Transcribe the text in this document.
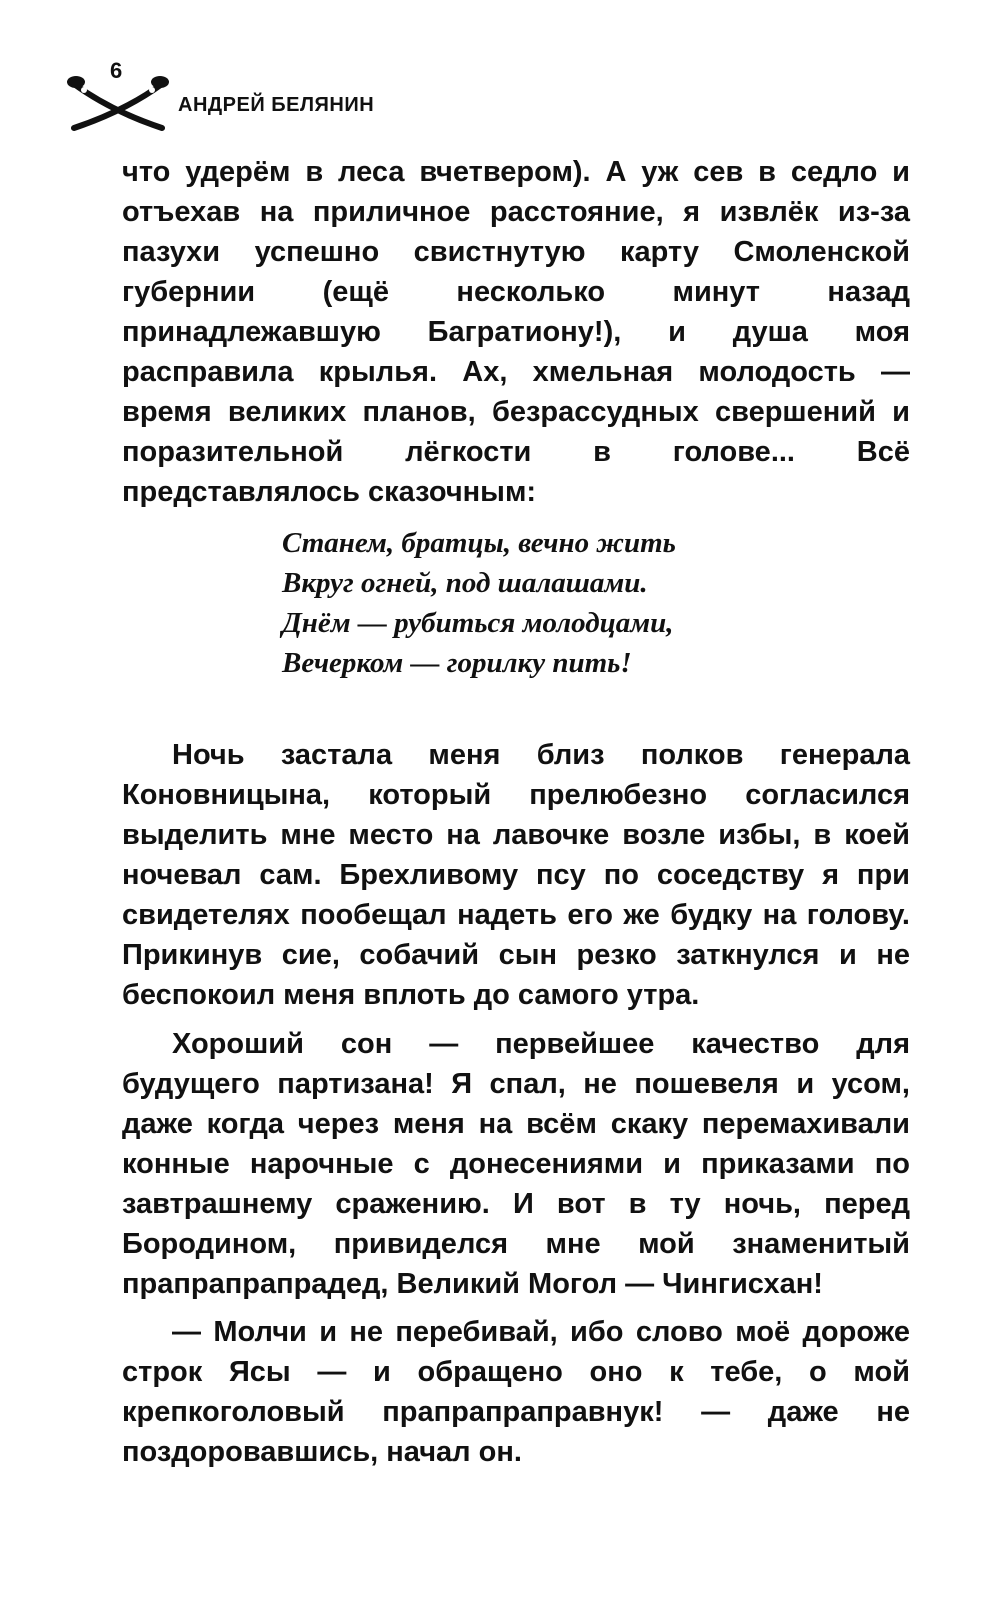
6
АНДРЕЙ БЕЛЯНИН
что удерём в леса вчетвером). А уж сев в седло и отъехав на приличное расстояние, я извлёк из-за пазухи успешно свистнутую карту Смоленской губернии (ещё несколько минут назад принадлежавшую Багратиону!), и душа моя расправила крылья. Ах, хмельная молодость — время великих планов, безрассудных свершений и поразительной лёгкости в голове... Всё представлялось сказочным:
Станем, братцы, вечно жить
Вкруг огней, под шалашами.
Днём — рубиться молодцами,
Вечерком — горилку пить!
Ночь застала меня близ полков генерала Коновницына, который прелюбезно согласился выделить мне место на лавочке возле избы, в коей ночевал сам. Брехливому псу по соседству я при свидетелях пообещал надеть его же будку на голову. Прикинув сие, собачий сын резко заткнулся и не беспокоил меня вплоть до самого утра.
Хороший сон — первейшее качество для будущего партизана! Я спал, не пошевеля и усом, даже когда через меня на всём скаку перемахивали конные нарочные с донесениями и приказами по завтрашнему сражению. И вот в ту ночь, перед Бородином, привиделся мне мой знаменитый прапрапрапрадед, Великий Могол — Чингисхан!
— Молчи и не перебивай, ибо слово моё дороже строк Ясы — и обращено оно к тебе, о мой крепкоголовый прапрапраправнук! — даже не поздоровавшись, начал он.
